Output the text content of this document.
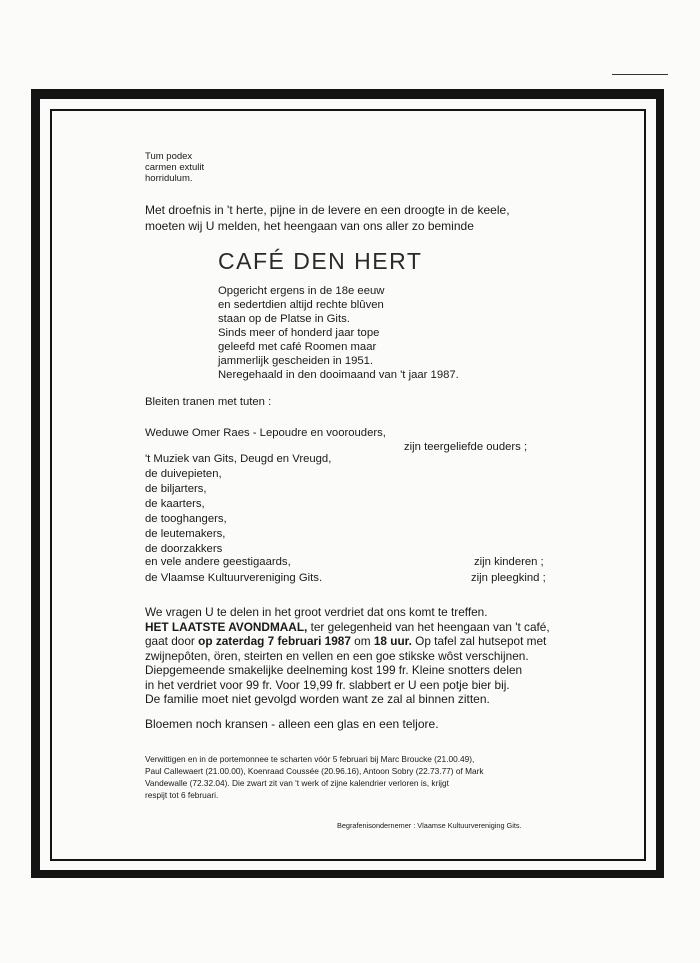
Tum podex
carmen extulit
horridulum.
Met droefnis in 't herte, pijne in de levere en een droogte in de keele,
moeten wij U melden, het heengaan van ons aller zo beminde
CAFÉ DEN HERT
Opgericht ergens in de 18e eeuw
en sedertdien altijd rechte blûven
staan op de Platse in Gits.
Sinds meer of honderd jaar tope
geleefd met café Roomen maar
jammerlijk gescheiden in 1951.
Neregehaald in den dooimaand van 't jaar 1987.
Bleiten tranen met tuten :
Weduwe Omer Raes - Lepoudre en voorouders,
zijn teergeliefde ouders ;
't Muziek van Gits, Deugd en Vreugd,
de duivepieten,
de biljarters,
de kaarters,
de tooghangers,
de leutemakers,
de doorzakkers
en vele andere geestigaards,	zijn kinderen ;
de Vlaamse Kultuurvereniging Gits.	zijn pleegkind ;
We vragen U te delen in het groot verdriet dat ons komt te treffen.
HET LAATSTE AVONDMAAL, ter gelegenheid van het heengaan van 't café,
gaat door op zaterdag 7 februari 1987 om 18 uur. Op tafel zal hutsepot met
zwijnepôten, ören, steirten en vellen en een goe stikske wôst verschijnen.
Diepgemeende smakelijke deelneming kost 199 fr. Kleine snotters delen
in het verdriet voor 99 fr. Voor 19,99 fr. slabbert er U een potje bier bij.
De familie moet niet gevolgd worden want ze zal al binnen zitten.
Bloemen noch kransen - alleen een glas en een teljore.
Verwittigen en in de portemonnee te scharten vóór 5 februari bij Marc Broucke (21.00.49),
Paul Callewaert (21.00.00), Koenraad Coussée (20.96.16), Antoon Sobry (22.73.77) of Mark
Vandewalle (72.32.04). Die zwart zit van 't werk of zijne kalendrier verloren is, krijgt
respijt tot 6 februari.
Begrafenisondernemer : Vlaamse Kultuurvereniging Gits.
